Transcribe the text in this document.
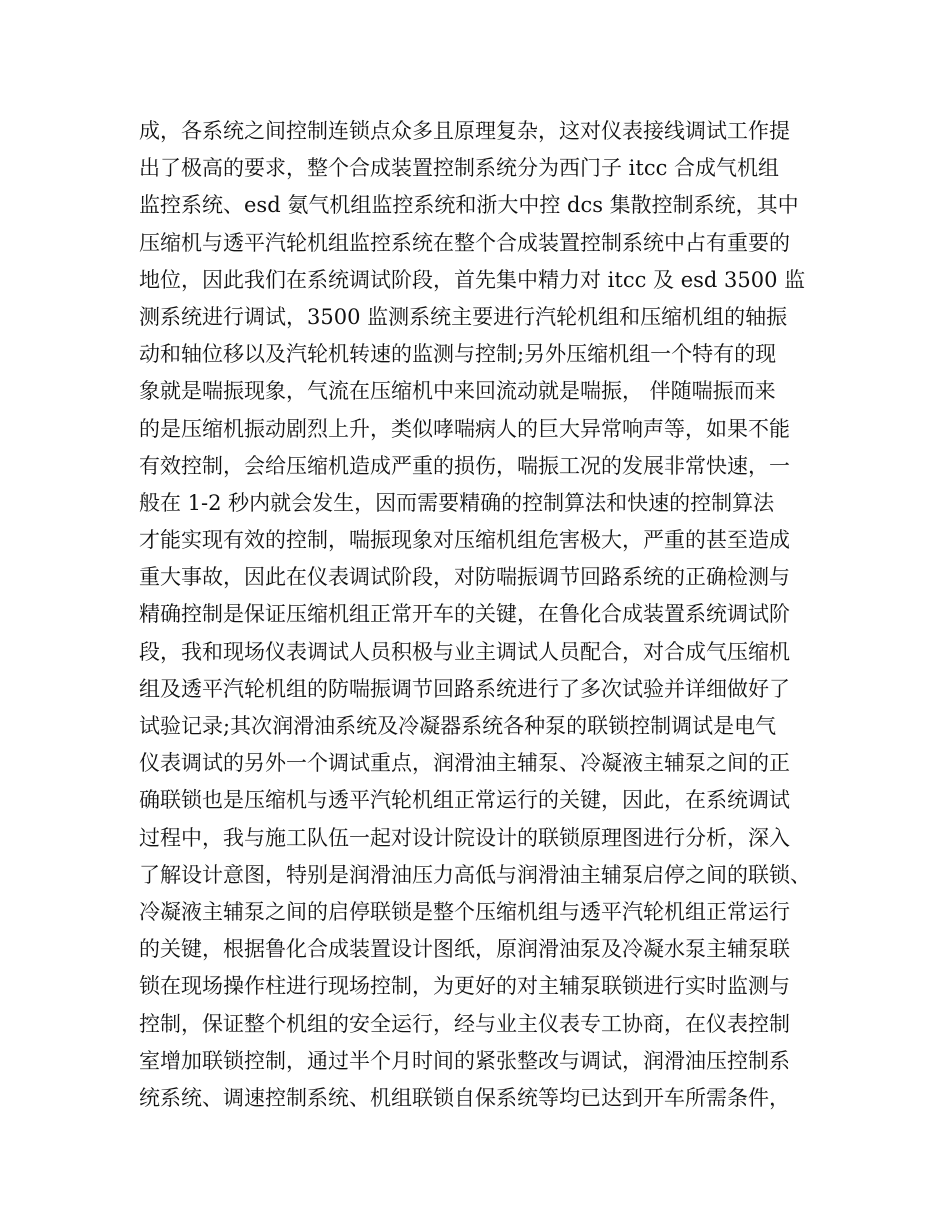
成，各系统之间控制连锁点众多且原理复杂，这对仪表接线调试工作提
出了极高的要求，整个合成装置控制系统分为西门子 itcc 合成气机组
监控系统、esd 氨气机组监控系统和浙大中控 dcs 集散控制系统，其中
压缩机与透平汽轮机组监控系统在整个合成装置控制系统中占有重要的
地位，因此我们在系统调试阶段，首先集中精力对 itcc 及 esd 3500 监
测系统进行调试，3500 监测系统主要进行汽轮机组和压缩机组的轴振
动和轴位移以及汽轮机转速的监测与控制;另外压缩机组一个特有的现
象就是喘振现象，气流在压缩机中来回流动就是喘振， 伴随喘振而来
的是压缩机振动剧烈上升，类似哮喘病人的巨大异常响声等，如果不能
有效控制，会给压缩机造成严重的损伤，喘振工况的发展非常快速，一
般在 1-2 秒内就会发生，因而需要精确的控制算法和快速的控制算法
才能实现有效的控制，喘振现象对压缩机组危害极大，严重的甚至造成
重大事故，因此在仪表调试阶段，对防喘振调节回路系统的正确检测与
精确控制是保证压缩机组正常开车的关键，在鲁化合成装置系统调试阶
段，我和现场仪表调试人员积极与业主调试人员配合，对合成气压缩机
组及透平汽轮机组的防喘振调节回路系统进行了多次试验并详细做好了
试验记录;其次润滑油系统及冷凝器系统各种泵的联锁控制调试是电气
仪表调试的另外一个调试重点，润滑油主辅泵、冷凝液主辅泵之间的正
确联锁也是压缩机与透平汽轮机组正常运行的关键，因此，在系统调试
过程中，我与施工队伍一起对设计院设计的联锁原理图进行分析，深入
了解设计意图，特别是润滑油压力高低与润滑油主辅泵启停之间的联锁、
冷凝液主辅泵之间的启停联锁是整个压缩机组与透平汽轮机组正常运行
的关键，根据鲁化合成装置设计图纸，原润滑油泵及冷凝水泵主辅泵联
锁在现场操作柱进行现场控制，为更好的对主辅泵联锁进行实时监测与
控制，保证整个机组的安全运行，经与业主仪表专工协商，在仪表控制
室增加联锁控制，通过半个月时间的紧张整改与调试，润滑油压控制系
统系统、调速控制系统、机组联锁自保系统等均已达到开车所需条件，
